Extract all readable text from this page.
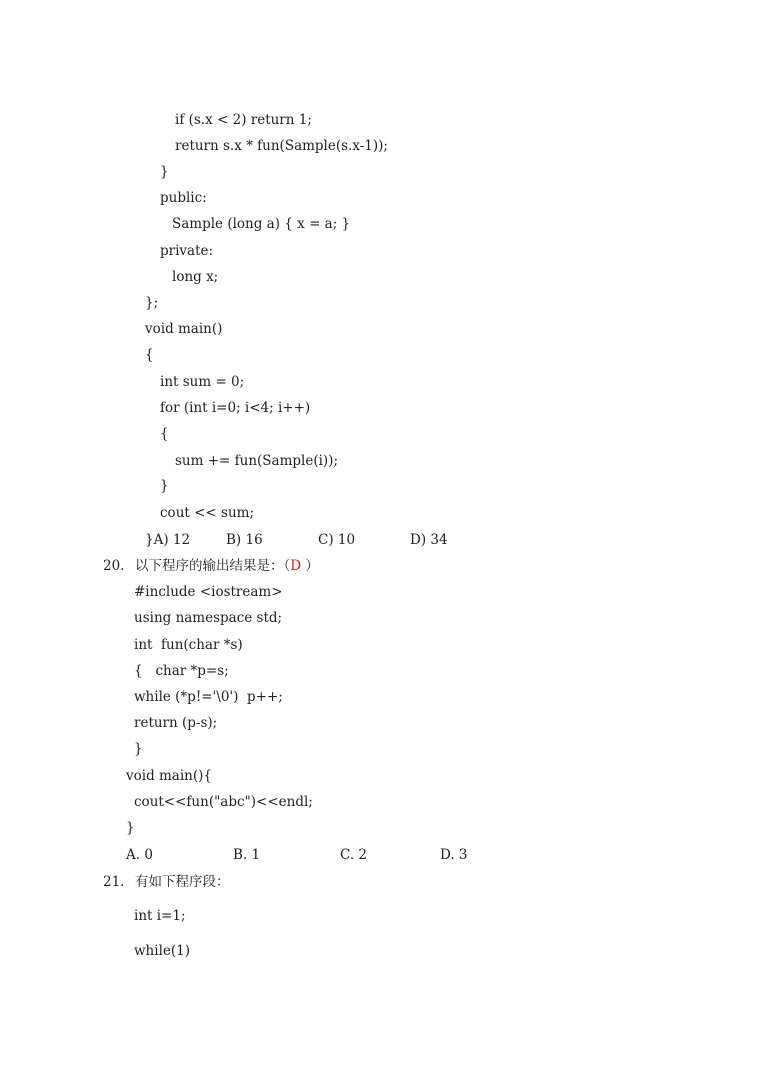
if (s.x < 2) return 1;
return s.x * fun(Sample(s.x-1));
}
public:
Sample (long a) { x = a; }
private:
long x;
};
void main()
{
int sum = 0;
for (int i=0; i<4; i++)
{
sum += fun(Sample(i));
}
cout << sum;
}A) 12	B) 16	C) 10	D) 34
20. 以下程序的输出结果是：（D ）
#include <iostream>
using namespace std;
int  fun(char *s)
{   char *p=s;
while (*p!='\0')  p++;
return (p-s);
}
void main(){
cout<<fun("abc")<<endl;
}
A. 0	B. 1	C. 2	D. 3
21. 有如下程序段：
int i=1;
while(1)
